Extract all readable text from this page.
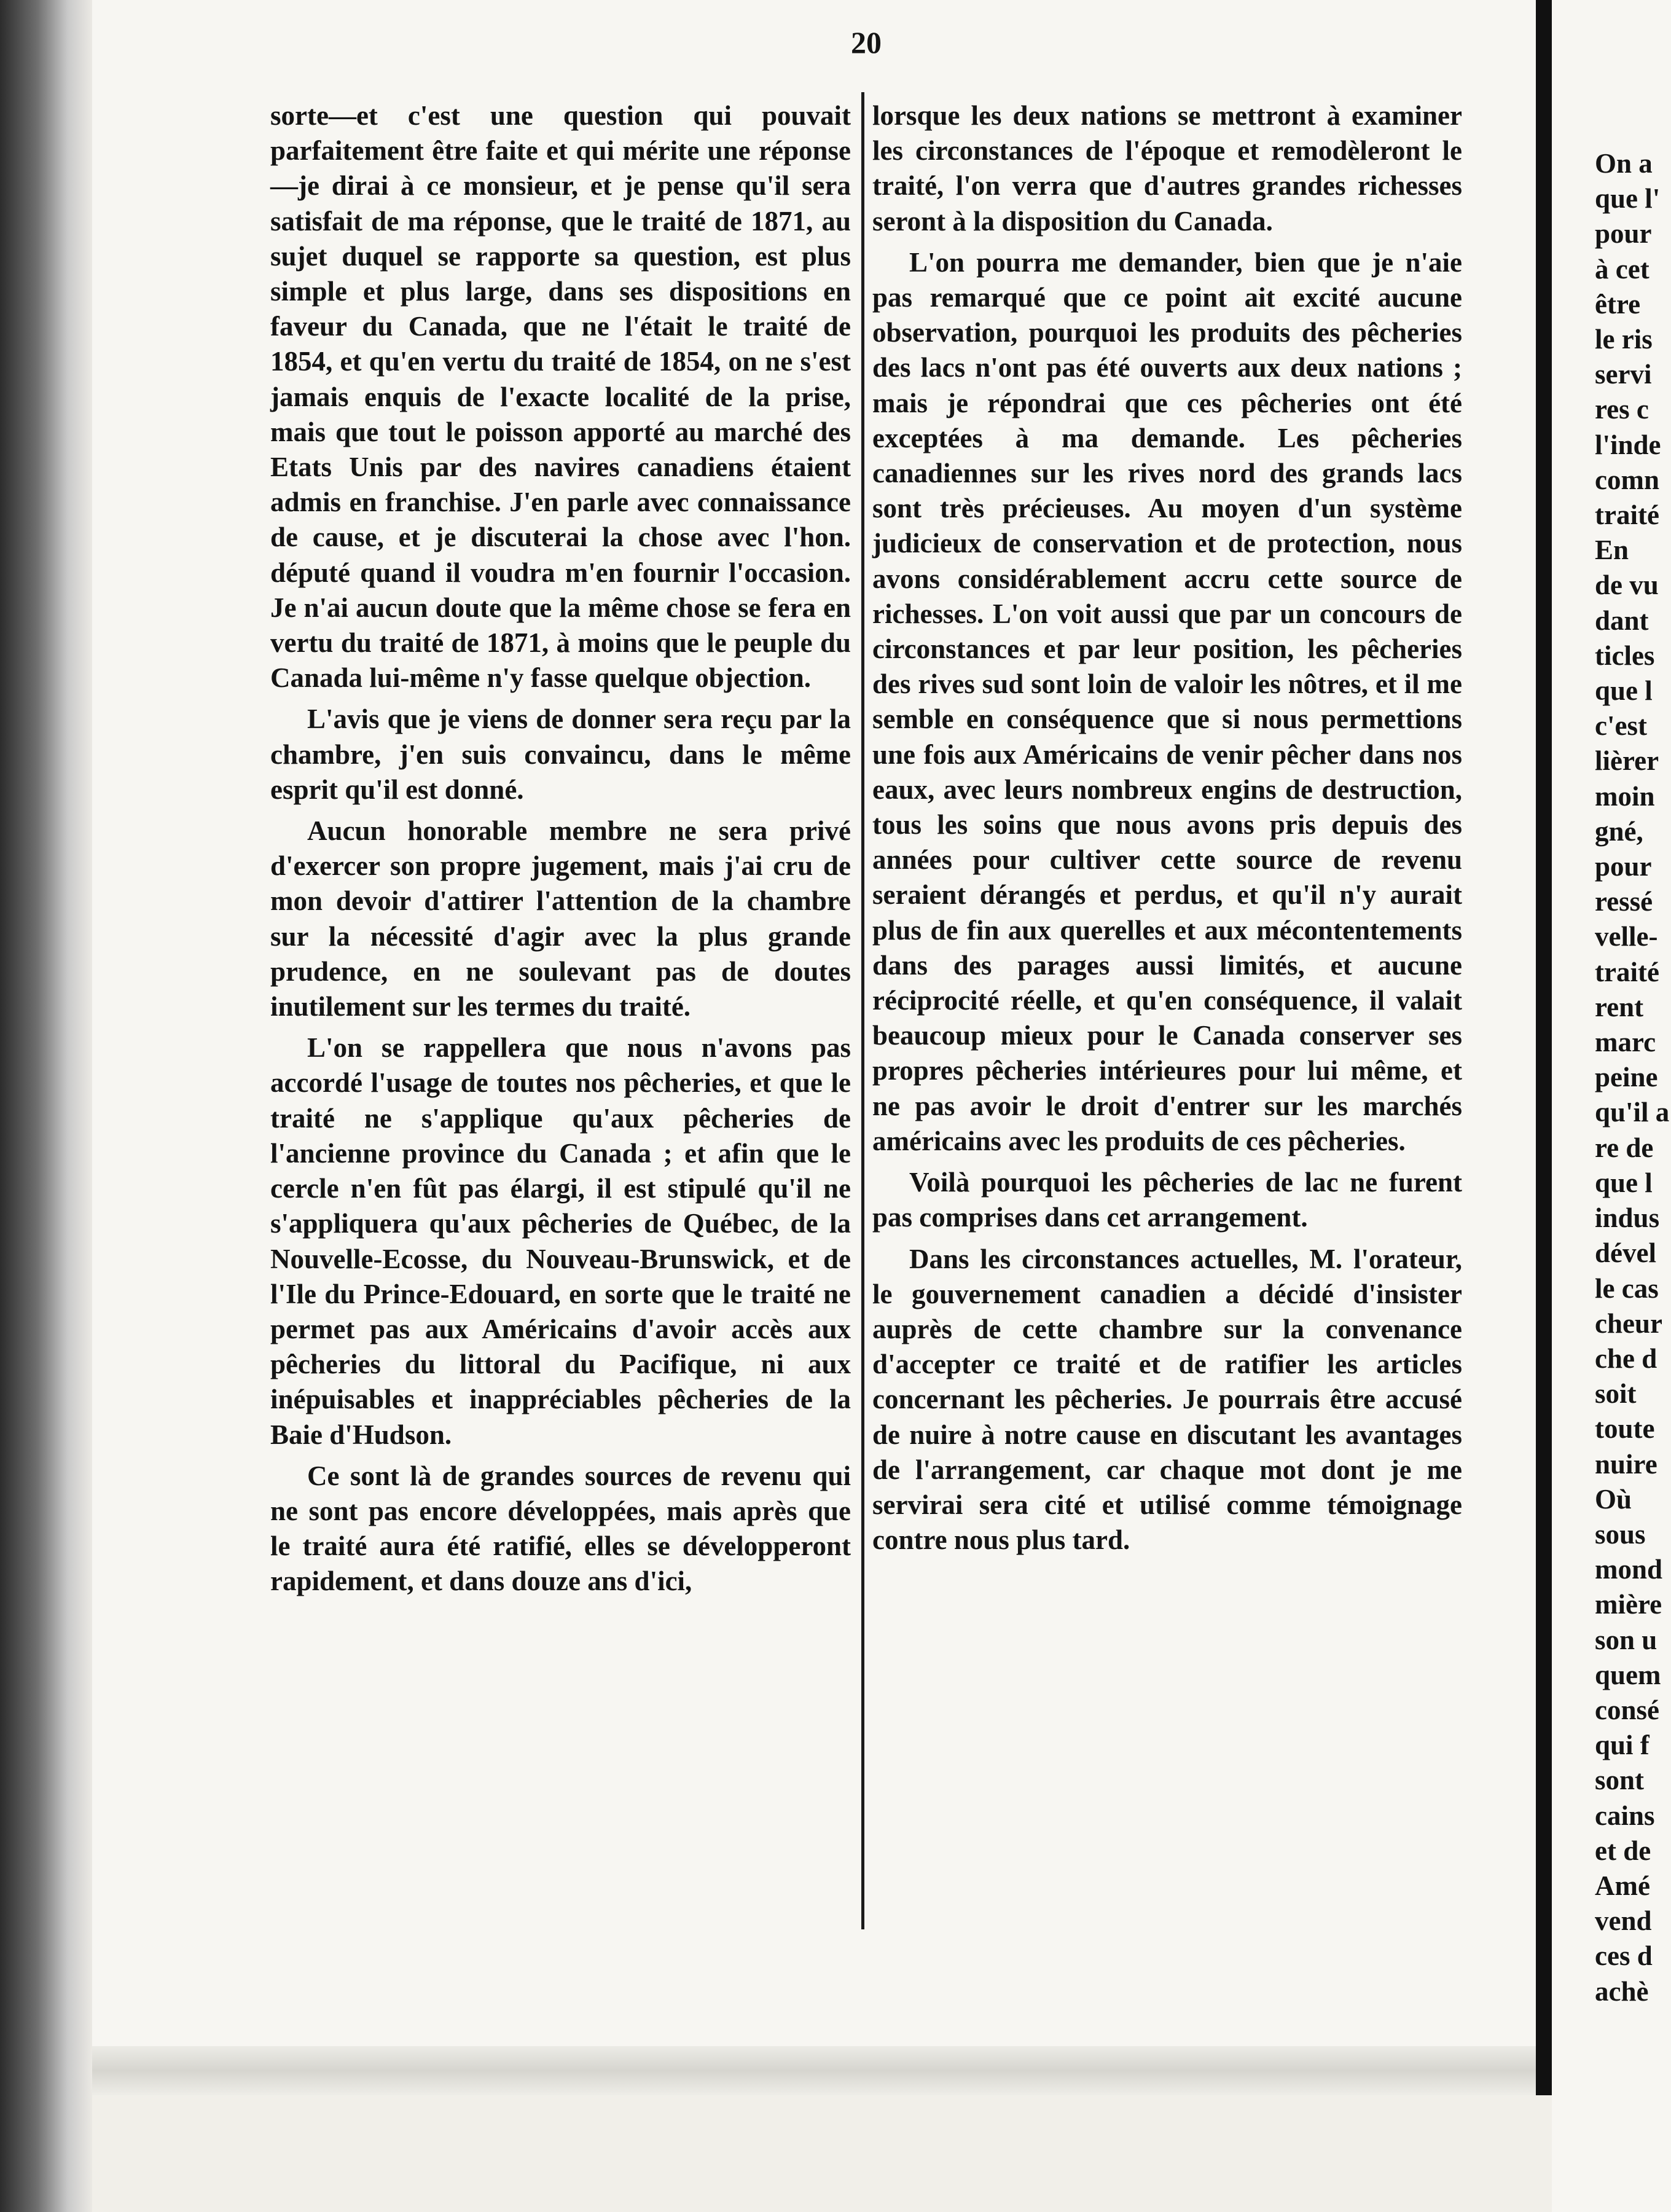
20

sorte—et c'est une question qui pouvait parfaitement être faite et qui mérite une réponse—je dirai à ce monsieur, et je pense qu'il sera satisfait de ma réponse, que le traité de 1871, au sujet duquel se rapporte sa question, est plus simple et plus large, dans ses dispositions en faveur du Canada, que ne l'était le traité de 1854, et qu'en vertu du traité de 1854, on ne s'est jamais enquis de l'exacte localité de la prise, mais que tout le poisson apporté au marché des Etats Unis par des navires canadiens étaient admis en franchise. J'en parle avec connaissance de cause, et je discuterai la chose avec l'hon. député quand il voudra m'en fournir l'occasion. Je n'ai aucun doute que la même chose se fera en vertu du traité de 1871, à moins que le peuple du Canada lui-même n'y fasse quelque objection.

L'avis que je viens de donner sera reçu par la chambre, j'en suis convaincu, dans le même esprit qu'il est donné.

Aucun honorable membre ne sera privé d'exercer son propre jugement, mais j'ai cru de mon devoir d'attirer l'attention de la chambre sur la nécessité d'agir avec la plus grande prudence, en ne soulevant pas de doutes inutilement sur les termes du traité.

L'on se rappellera que nous n'avons pas accordé l'usage de toutes nos pêcheries, et que le traité ne s'applique qu'aux pêcheries de l'ancienne province du Canada ; et afin que le cercle n'en fût pas élargi, il est stipulé qu'il ne s'appliquera qu'aux pêcheries de Québec, de la Nouvelle-Ecosse, du Nouveau-Brunswick, et de l'Ile du Prince-Edouard, en sorte que le traité ne permet pas aux Américains d'avoir accès aux pêcheries du littoral du Pacifique, ni aux inépuisables et inappréciables pêcheries de la Baie d'Hudson.

Ce sont là de grandes sources de revenu qui ne sont pas encore développées, mais après que le traité aura été ratifié, elles se développeront rapidement, et dans douze ans d'ici,

lorsque les deux nations se mettront à examiner les circonstances de l'époque et remodèleront le traité, l'on verra que d'autres grandes richesses seront à la disposition du Canada.

L'on pourra me demander, bien que je n'aie pas remarqué que ce point ait excité aucune observation, pourquoi les produits des pêcheries des lacs n'ont pas été ouverts aux deux nations ; mais je répondrai que ces pêcheries ont été exceptées à ma demande. Les pêcheries canadiennes sur les rives nord des grands lacs sont très précieuses. Au moyen d'un système judicieux de conservation et de protection, nous avons considérablement accru cette source de richesses. L'on voit aussi que par un concours de circonstances et par leur position, les pêcheries des rives sud sont loin de valoir les nôtres, et il me semble en conséquence que si nous permettions une fois aux Américains de venir pêcher dans nos eaux, avec leurs nombreux engins de destruction, tous les soins que nous avons pris depuis des années pour cultiver cette source de revenu seraient dérangés et perdus, et qu'il n'y aurait plus de fin aux querelles et aux mécontentements dans des parages aussi limités, et aucune réciprocité réelle, et qu'en conséquence, il valait beaucoup mieux pour le Canada conserver ses propres pêcheries intérieures pour lui même, et ne pas avoir le droit d'entrer sur les marchés américains avec les produits de ces pêcheries.

Voilà pourquoi les pêcheries de lac ne furent pas comprises dans cet arrangement.

Dans les circonstances actuelles, M. l'orateur, le gouvernement canadien a décidé d'insister auprès de cette chambre sur la convenance d'accepter ce traité et de ratifier les articles concernant les pêcheries. Je pourrais être accusé de nuire à notre cause en discutant les avantages de l'arrangement, car chaque mot dont je me servirai sera cité et utilisé comme témoignage contre nous plus tard.

On a
que l'
pour
à cet
être
le ris
servi
res c
l'inde
comn
traité
En
de vu
dant
ticles
que l
c'est
lièrer
moin
gné,
pour
ressé
velle-
traité
rent
marc
peine
qu'il a
re de
que l
indus
dével
le cas
cheur
che d
soit
toute
nuire
Où
sous
mond
mière
son u
quem
consé
qui f
sont
cains
et de
Amé
vend
ces d
achè
